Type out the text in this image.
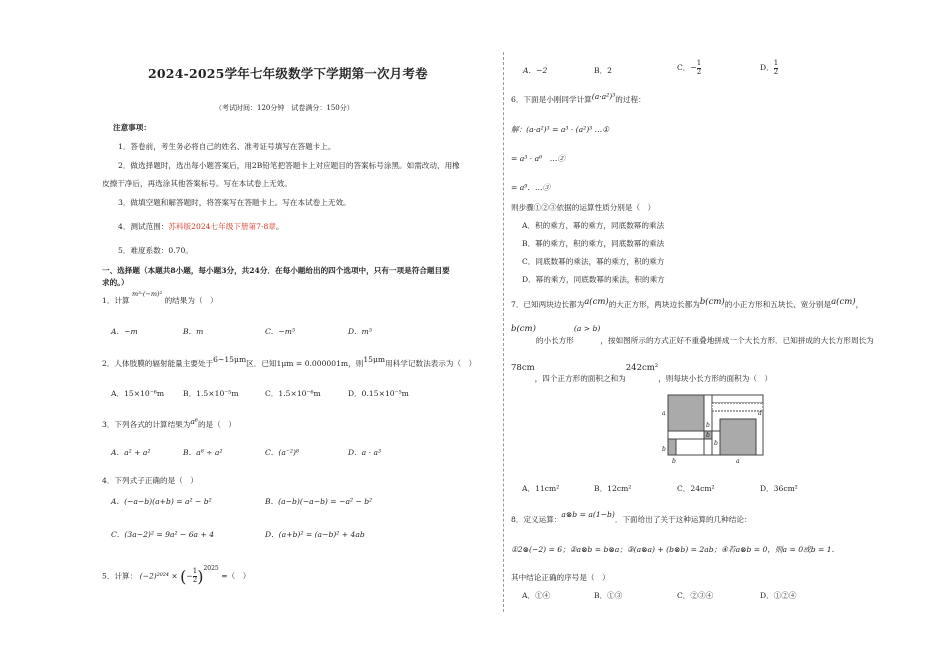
2024-2025学年七年级数学下学期第一次月考卷
（考试时间：120分钟　试卷满分：150分）
注意事项：
1．答卷前，考生务必将自己的姓名、准考证号填写在答题卡上。
2．做选择题时，选出每小题答案后，用2B铅笔把答题卡上对应题目的答案标号涂黑。如需改动，用橡
皮擦干净后，再选涂其他答案标号。写在本试卷上无效。
3．做填空题和解答题时，将答案写在答题卡上。写在本试卷上无效。
4．测试范围：苏科版2024七年级下册第7-8章。
5．难度系数：0.70。
一、选择题（本题共8小题，每小题3分，共24分．在每小题给出的四个选项中，只有一项是符合题目要
求的。）
1．计算 m³·(−m)² 的结果为（　）
A．−m	B．m	C．−m⁵	D．m⁵
2．人体肢膜的辐射能量主要处于6~15μm区．已知1μm = 0.000001m，则15μm用科学记数法表示为（　）
A．15×10⁻⁶m B．1.5×10⁻⁵m	C．1.5×10⁻⁶m	D．0.15×10⁻⁵m
3．下列各式的计算结果为a⁶的是（　）
A．a² + a²	B．a⁸ ÷ a²	C．(a⁻²)⁸	D．a · a³
4．下列式子正确的是（　）
A．(−a−b)(a+b) = a² − b²	B．(a−b)(−a−b) = −a² − b²
C．(3a−2)² = 9a² − 6a + 4	D．(a+b)² = (a−b)² + 4ab
5．计算： (−2)²⁰²⁴ × (− $\frac{1}{2} )^{2025}$ =（　）
A．−2	B．2	C．− $\frac{1}{2}$	D． $\frac{1}{2}$
6．下面是小刚同学计算(a·a²)³的过程：
解：(a·a²)³ = a³ · (a²)³ …①
= a³ · a⁶　…②
= a⁹．…③
则步骤①②③依据的运算性质分别是（　）
A．积的乘方，幂的乘方，同底数幂的乘法
B．幂的乘方，积的乘方，同底数幂的乘法
C．同底数幂的乘法，幂的乘方，积的乘方
D．幂的乘方，同底数幂的乘法，积的乘方
7．已知两块边长都为a(cm)的大正方形，两块边长都为b(cm)的小正方形和五块长、宽分别是a(cm)，
b(cm)的小长方形(a > b)，按如图所示的方式正好不重叠地拼成一个大长方形．已知拼成的大长方形周长为
78cm，四个正方形的面积之和为242cm²，则每块小长方形的面积为（　）
a
b
b
b
b
a
b	a
A．11cm²	B．12cm²	C．24cm²	D．36cm²
8．定义运算：a⊗b = a(1−b)．下面给出了关于这种运算的几种结论：
①2⊗(−2) = 6；②a⊗b = b⊗a；③(a⊗a) + (b⊗b) = 2ab；④若a⊗b = 0，则a = 0或b = 1．
其中结论正确的序号是（　）
A．①④	B．①③	C．②③④	D．①②④
